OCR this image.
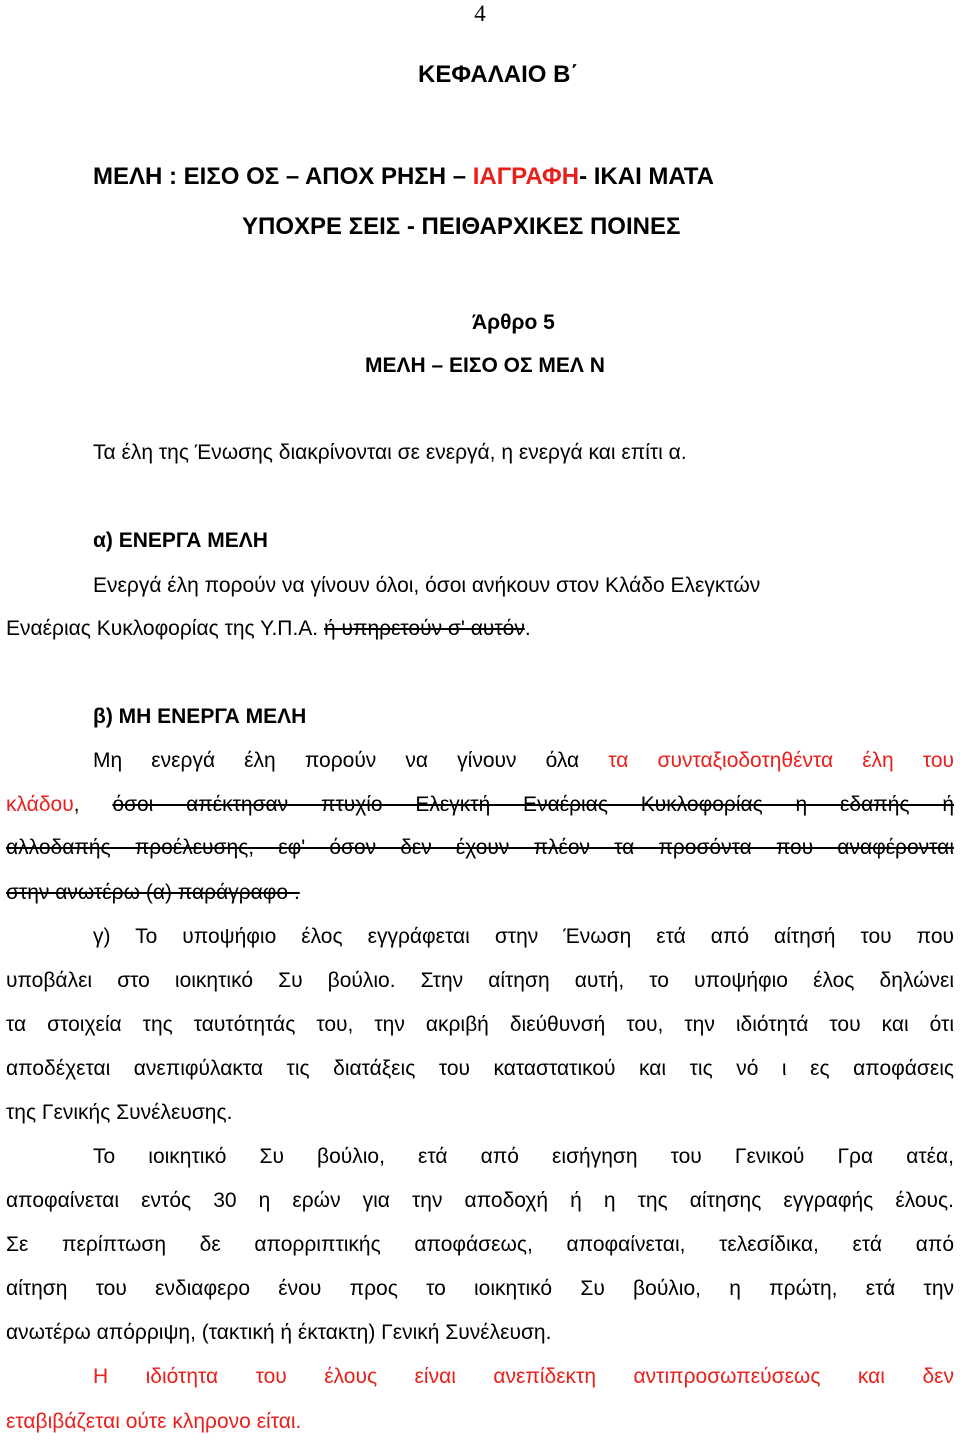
4
ΚΕΦΑΛΑΙΟ Β΄
ΜΕΛΗ : ΕΙΣΟ ΟΣ – ΑΠΟΧ ΡΗΣΗ – ΙΑΓΡΑΦΗ- ΙΚΑΙ ΜΑΤΑ
ΥΠΟΧΡΕ ΣΕΙΣ - ΠΕΙΘΑΡΧΙΚΕΣ ΠΟΙΝΕΣ
Άρθρο 5
ΜΕΛΗ – ΕΙΣΟ ΟΣ ΜΕΛ Ν
Τα έλη της Ένωσης διακρίνονται σε ενεργά, η ενεργά και επίτι α.
α) ΕΝΕΡΓΑ ΜΕΛΗ
Ενεργά έλη πορούν να γίνουν όλοι, όσοι ανήκουν στον Κλάδο Ελεγκτών
Εναέριας Κυκλοφορίας της Υ.Π.Α. ή υπηρετούν σ' αυτόν.
β) ΜΗ ΕΝΕΡΓΑ ΜΕΛΗ
Μη ενεργά έλη πορούν να γίνουν όλα τα συνταξιοδοτηθέντα έλη του
κλάδου, όσοι απέκτησαν πτυχίο Ελεγκτή Εναέριας Κυκλοφορίας η εδαπής ή
αλλοδαπής προέλευσης, εφ' όσον δεν έχουν πλέον τα προσόντα που αναφέρονται
στην ανωτέρω (α) παράγραφο .
γ) Το υποψήφιο έλος εγγράφεται στην Ένωση ετά από αίτησή του που
υποβάλει στο ιοικητικό Συ βούλιο. Στην αίτηση αυτή, το υποψήφιο έλος δηλώνει
τα στοιχεία της ταυτότητάς του, την ακριβή διεύθυνσή του, την ιδιότητά του και ότι
αποδέχεται ανεπιφύλακτα τις διατάξεις του καταστατικού και τις νό ι ες αποφάσεις
της Γενικής Συνέλευσης.
Το ιοικητικό Συ βούλιο, ετά από εισήγηση του Γενικού Γρα ατέα,
αποφαίνεται εντός 30 η ερών για την αποδοχή ή η της αίτησης εγγραφής έλους.
Σε περίπτωση δε απορριπτικής αποφάσεως, αποφαίνεται, τελεσίδικα, ετά από
αίτηση του ενδιαφερο ένου προς το ιοικητικό Συ βούλιο, η πρώτη, ετά την
ανωτέρω απόρριψη, (τακτική ή έκτακτη) Γενική Συνέλευση.
Η ιδιότητα του έλους είναι ανεπίδεκτη αντιπροσωπεύσεως και δεν
εταβιβάζεται ούτε κληρονο είται.
